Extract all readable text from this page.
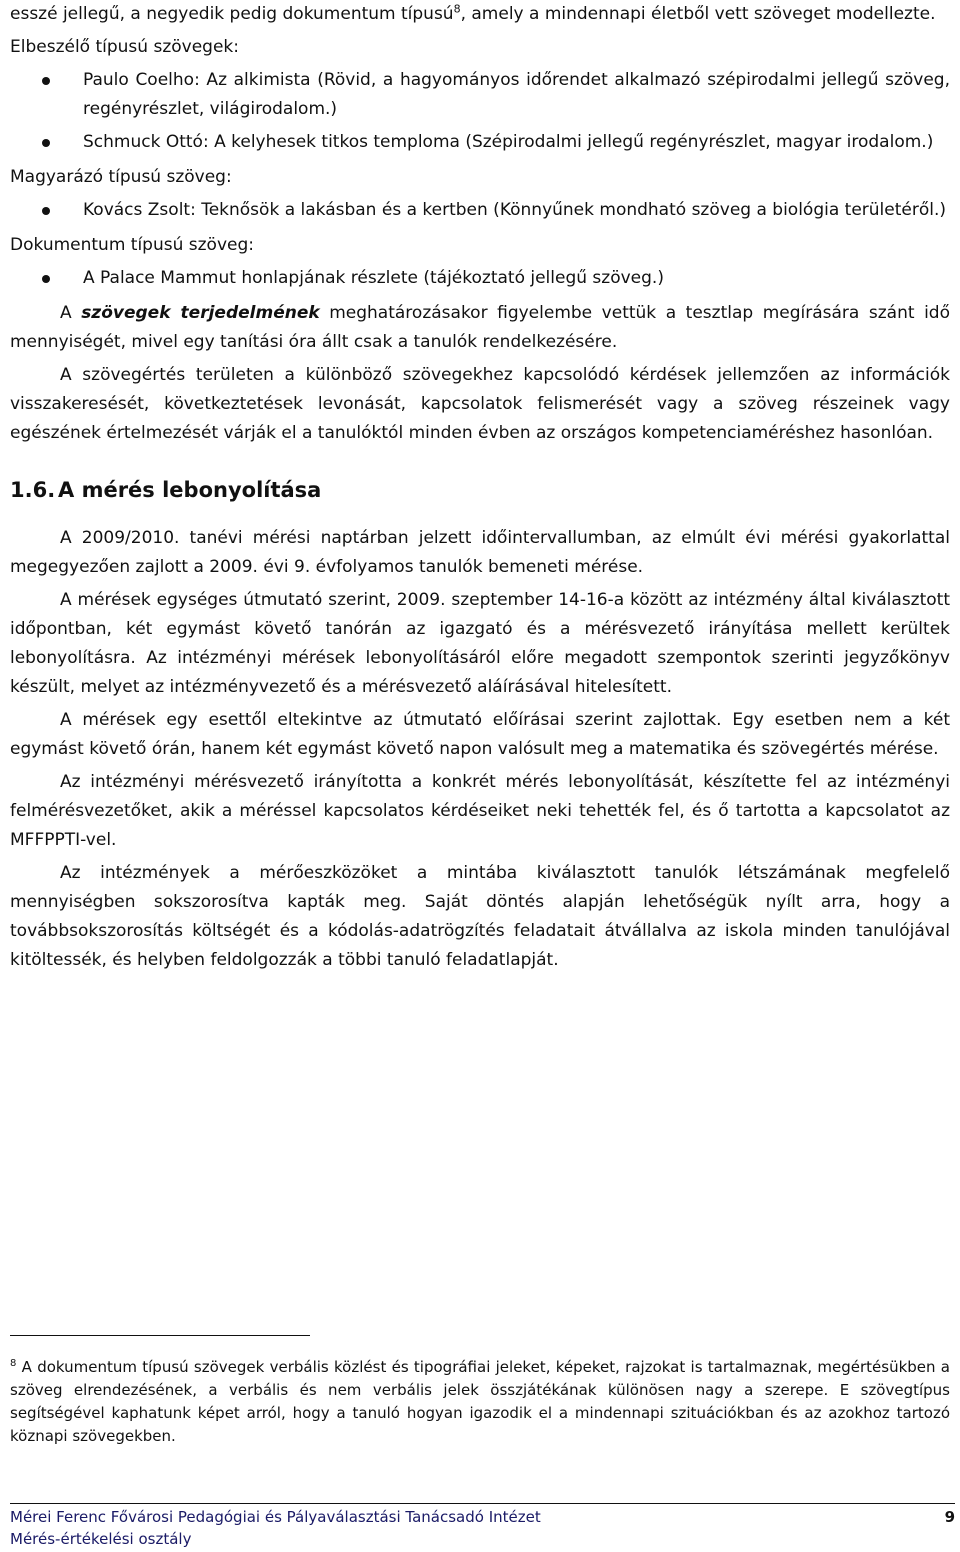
esszé jellegű, a negyedik pedig dokumentum típusú$^8$, amely a mindennapi életből vett szöveget modellezte.

Elbeszélő típusú szövegek:

Paulo Coelho: Az alkimista (Rövid, a hagyományos időrendet alkalmazó szépirodalmi jellegű szöveg, regényrészlet, világirodalom.)
Schmuck Ottó: A kelyhesek titkos temploma (Szépirodalmi jellegű regényrészlet, magyar irodalom.)

Magyarázó típusú szöveg:

Kovács Zsolt: Teknősök a lakásban és a kertben (Könnyűnek mondható szöveg a biológia területéről.)

Dokumentum típusú szöveg:

A Palace Mammut honlapjának részlete (tájékoztató jellegű szöveg.)

A szövegek terjedelmének meghatározásakor figyelembe vettük a tesztlap megírására szánt idő mennyiségét, mivel egy tanítási óra állt csak a tanulók rendelkezésére.

A szövegértés területen a különböző szövegekhez kapcsolódó kérdések jellemzően az információk visszakeresését, következtetések levonását, kapcsolatok felismerését vagy a szöveg részeinek vagy egészének értelmezését várják el a tanulóktól minden évben az országos kompetenciaméréshez hasonlóan.

1.6. A mérés lebonyolítása

A 2009/2010. tanévi mérési naptárban jelzett időintervallumban, az elmúlt évi mérési gyakorlattal megegyezően zajlott a 2009. évi 9. évfolyamos tanulók bemeneti mérése.

A mérések egységes útmutató szerint, 2009. szeptember 14-16-a között az intézmény által kiválasztott időpontban, két egymást követő tanórán az igazgató és a mérésvezető irányítása mellett kerültek lebonyolításra. Az intézményi mérések lebonyolításáról előre megadott szempontok szerinti jegyzőkönyv készült, melyet az intézményvezető és a mérésvezető aláírásával hitelesített.

A mérések egy esettől eltekintve az útmutató előírásai szerint zajlottak. Egy esetben nem a két egymást követő órán, hanem két egymást követő napon valósult meg a matematika és szövegértés mérése.

Az intézményi mérésvezető irányította a konkrét mérés lebonyolítását, készítette fel az intézményi felmérésvezetőket, akik a méréssel kapcsolatos kérdéseiket neki tehették fel, és ő tartotta a kapcsolatot az MFFPPTI-vel.

Az intézmények a mérőeszközöket a mintába kiválasztott tanulók létszámának megfelelő mennyiségben sokszorosítva kapták meg. Saját döntés alapján lehetőségük nyílt arra, hogy a továbbsokszorosítás költségét és a kódolás-adatrögzítés feladatait átvállalva az iskola minden tanulójával kitöltessék, és helyben feldolgozzák a többi tanuló feladatlapját.

$^8$ A dokumentum típusú szövegek verbális közlést és tipográfiai jeleket, képeket, rajzokat is tartalmaznak, megértésükben a szöveg elrendezésének, a verbális és nem verbális jelek összjátékának különösen nagy a szerepe. E szövegtípus segítségével kaphatunk képet arról, hogy a tanuló hogyan igazodik el a mindennapi szituációkban és az azokhoz tartozó köznapi szövegekben.
Mérei Ferenc Fővárosi Pedagógiai és Pályaválasztási Tanácsadó Intézet
Mérés-értékelési osztály
9
